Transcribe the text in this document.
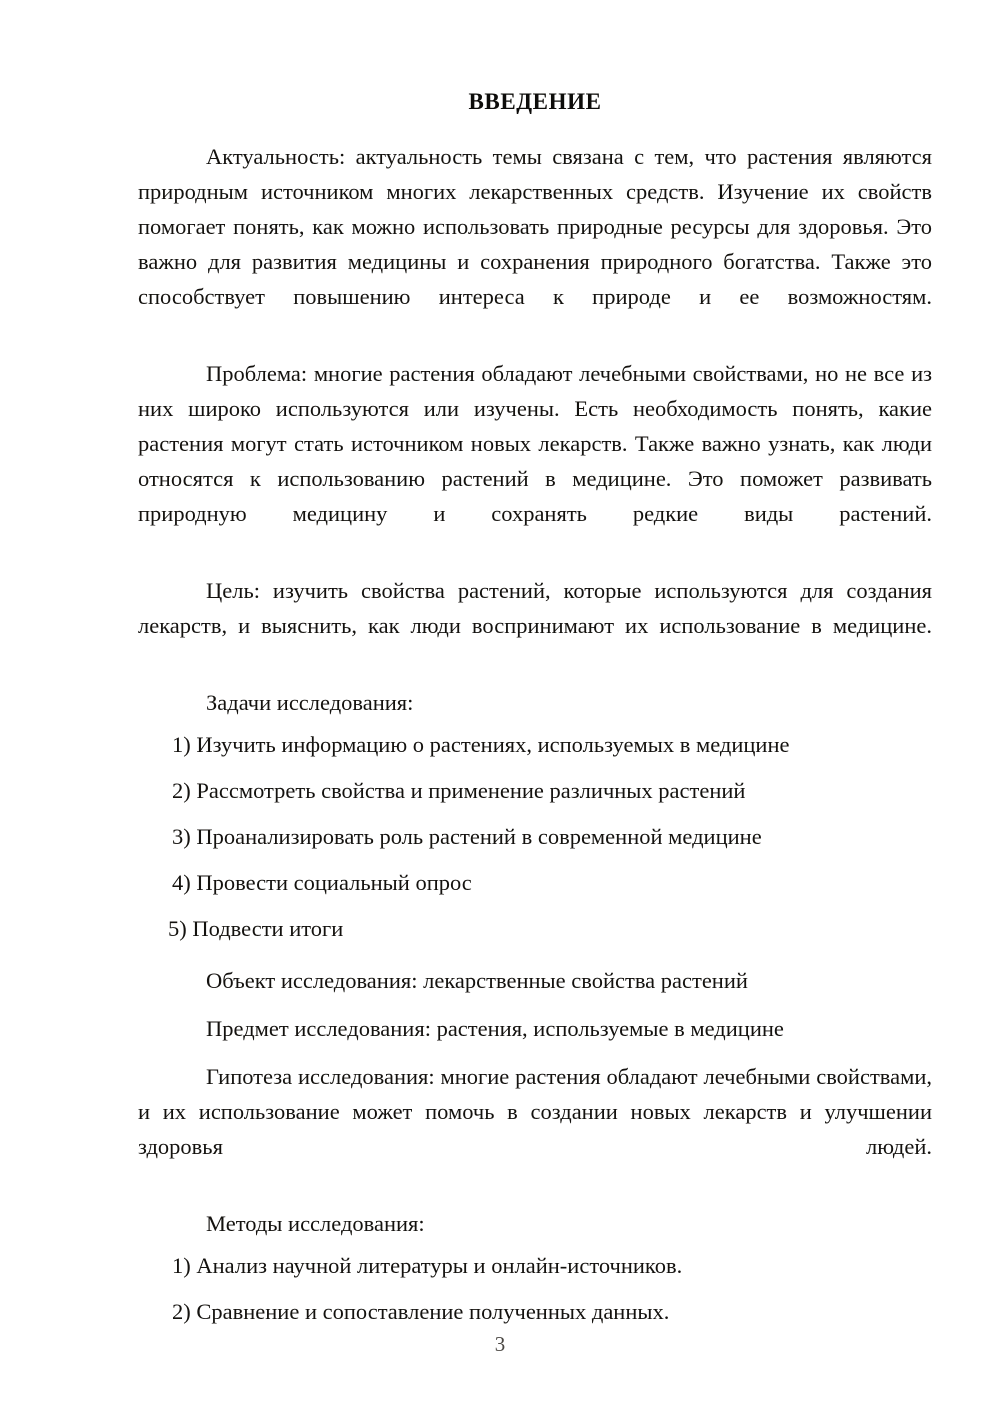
ВВЕДЕНИЕ

Актуальность: актуальность темы связана с тем, что растения являются природным источником многих лекарственных средств. Изучение их свойств помогает понять, как можно использовать природные ресурсы для здоровья. Это важно для развития медицины и сохранения природного богатства. Также это способствует повышению интереса к природе и ее возможностям.

Проблема: многие растения обладают лечебными свойствами, но не все из них широко используются или изучены. Есть необходимость понять, какие растения могут стать источником новых лекарств. Также важно узнать, как люди относятся к использованию растений в медицине. Это поможет развивать природную медицину и сохранять редкие виды растений.

Цель: изучить свойства растений, которые используются для создания лекарств, и выяснить, как люди воспринимают их использование в медицине.

Задачи исследования:

1) Изучить информацию о растениях, используемых в медицине
2) Рассмотреть свойства и применение различных растений
3) Проанализировать роль растений в современной медицине
4) Провести социальный опрос
5) Подвести итоги

Объект исследования: лекарственные свойства растений

Предмет исследования: растения, используемые в медицине

Гипотеза исследования: многие растения обладают лечебными свойствами, и их использование может помочь в создании новых лекарств и улучшении здоровья людей.

Методы исследования:

1) Анализ научной литературы и онлайн-источников.
2) Сравнение и сопоставление полученных данных.
3
